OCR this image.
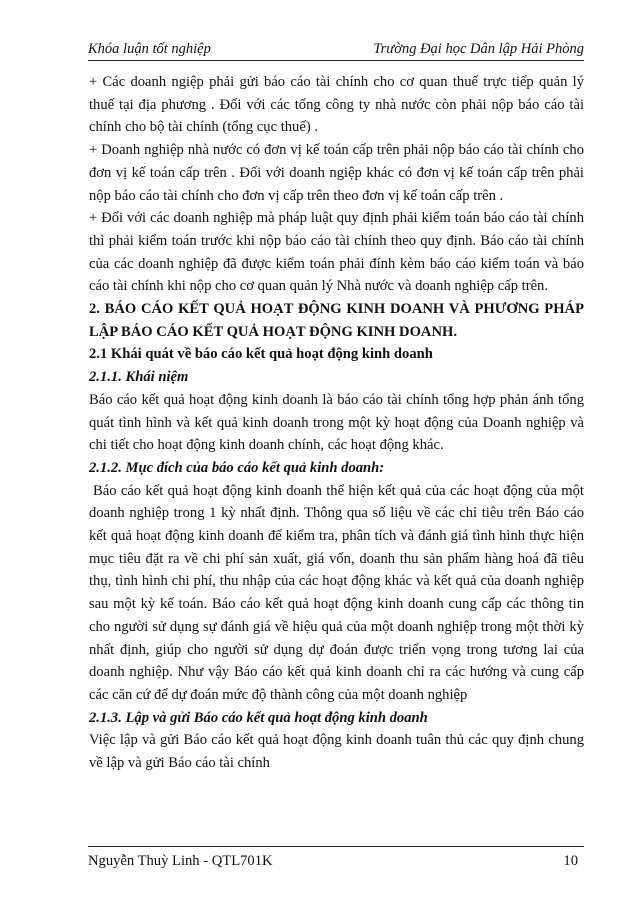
Khóa luận tốt nghiệp	Trường Đại học Dân lập Hải Phòng

+ Các doanh ngiệp phải gửi báo cáo tài chính cho cơ quan thuế trực tiếp quản lý thuế tại địa phương . Đối với các tổng công ty nhà nước còn phải nộp báo cáo tài chính cho bộ tài chính (tổng cục thuế) .

+ Doanh nghiệp nhà nước có đơn vị kế toán cấp trên phải nộp báo cáo tài chính cho đơn vị kế toán cấp trên . Đối với doanh ngiệp khác có đơn vị kế toán cấp trên phải nộp báo cáo tài chính cho đơn vị cấp trên theo đơn vị kế toán cấp trên .

+ Đối với các doanh nghiệp mà pháp luật quy định phải kiểm toán báo cáo tài chính thì phải kiểm toán trước khi nộp báo cáo tài chính theo quy định. Báo cáo tài chính của các doanh nghiệp đã được kiểm toán phải đính kèm báo cáo kiểm toán và báo cáo tài chính khi nộp cho cơ quan quản lý Nhà nước và doanh nghiệp cấp trên.

2. BÁO CÁO KẾT QUẢ HOẠT ĐỘNG KINH DOANH VÀ PHƯƠNG PHÁP LẬP BÁO CÁO KẾT QUẢ HOẠT ĐỘNG KINH DOANH.

2.1 Khái quát về báo cáo kết quả hoạt động kinh doanh

2.1.1. Khái niệm

Báo cáo kết quả hoạt động kinh doanh là báo cáo tài chính tổng hợp phản ánh tổng quát tình hình và kết quả kinh doanh trong một kỳ hoạt động của Doanh nghiệp và chi tiết cho hoạt động kinh doanh chính, các hoạt động khác.

2.1.2. Mục đích của báo cáo kết quả kinh doanh:

Báo cáo kết quả hoạt động kinh doanh thể hiện kết quả của các hoạt động của một doanh nghiệp trong 1 kỳ nhất định. Thông qua số liệu về các chỉ tiêu trên Báo cáo kết quả hoạt động kinh doanh để kiểm tra, phân tích và đánh giá tình hình thực hiện mục tiêu đặt ra về chi phí sản xuất, giá vốn, doanh thu sản phẩm hàng hoá đã tiêu thụ, tình hình chi phí, thu nhập của các hoạt động khác và kết quả của doanh nghiệp sau một kỳ kế toán. Báo cáo kết quả hoạt động kinh doanh cung cấp các thông tin cho người sử dụng sự đánh giá về hiệu quả của một doanh nghiệp trong một thời kỳ nhất định, giúp cho người sử dụng dự đoán được triển vọng trong tương lai của doanh nghiệp. Như vậy Báo cáo kết quả kinh doanh chỉ ra các hướng và cung cấp các căn cứ để dự đoán mức độ thành công của một doanh nghiệp

2.1.3. Lập và gửi Báo cáo kết quả hoạt động kinh doanh

Việc lập và gửi Báo cáo kết quả hoạt động kinh doanh tuân thủ các quy định chung về lập và gửi Báo cáo tài chính

Nguyễn Thuỳ Linh - QTL701K	10
